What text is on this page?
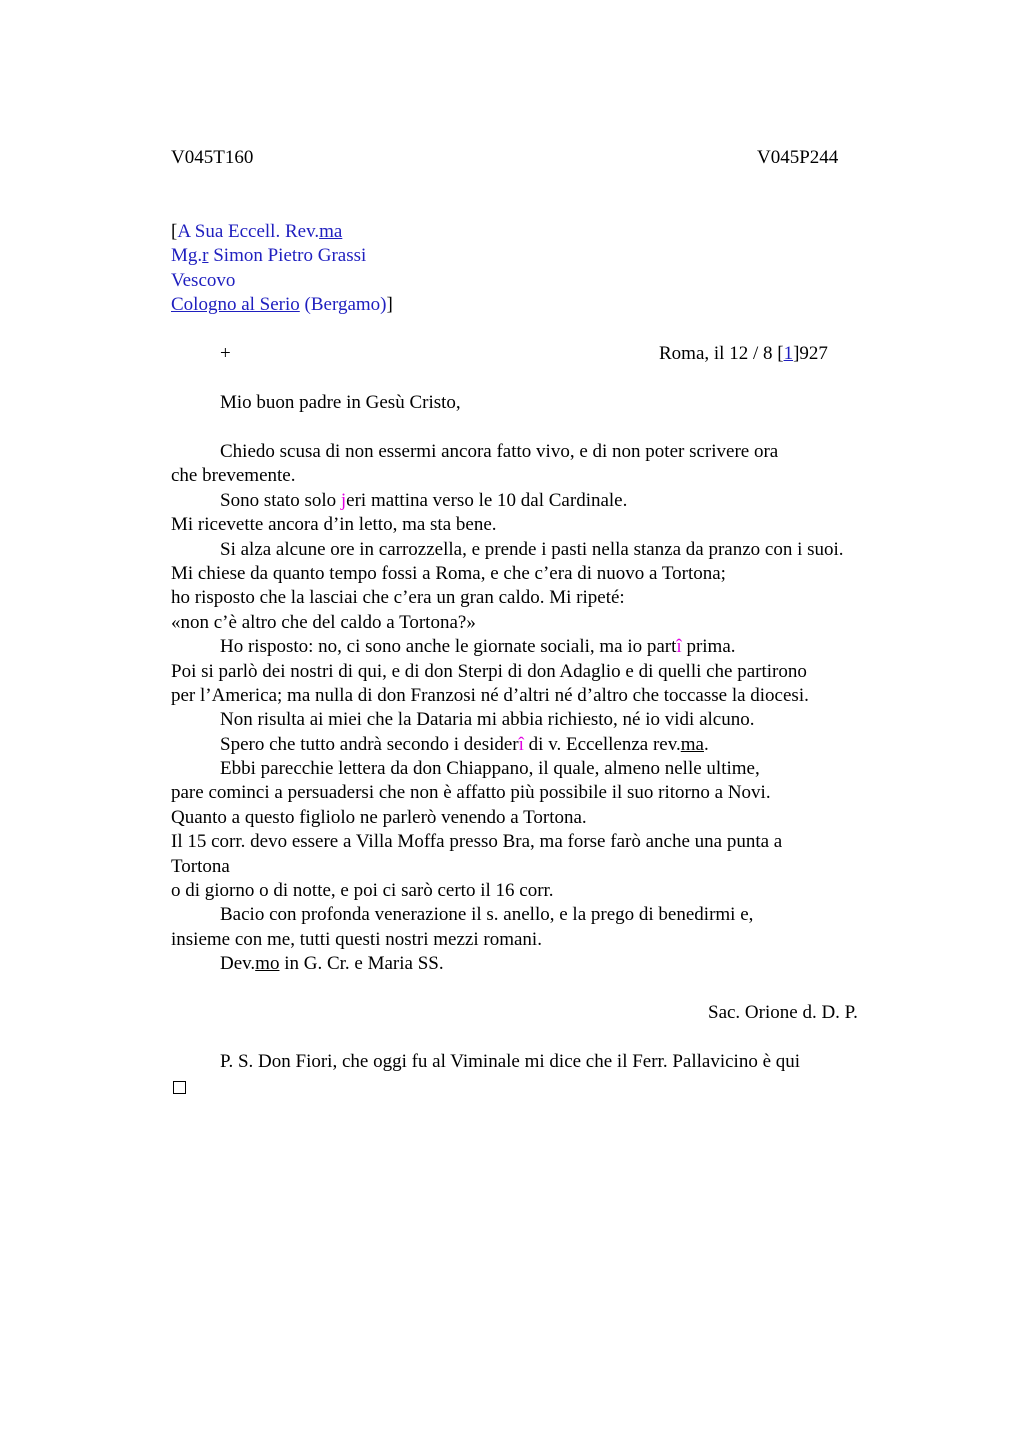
V045T160	V045P244
[A Sua Eccell. Rev.ma
Mg.r Simon Pietro Grassi
Vescovo
Cologno al Serio (Bergamo)]
+	Roma, il 12 / 8 [1]927
Mio buon padre in Gesù Cristo,
Chiedo scusa di non essermi ancora fatto vivo, e di non poter scrivere ora
che brevemente.
Sono stato solo jeri mattina verso le 10 dal Cardinale.
Mi ricevette ancora d’in letto, ma sta bene.
Si alza alcune ore in carrozzella, e prende i pasti nella stanza da pranzo con i suoi.
Mi chiese da quanto tempo fossi a Roma, e che c’era di nuovo a Tortona;
ho risposto che la lasciai che c’era un gran caldo. Mi ripeté:
«non c’è altro che del caldo a Tortona?»
Ho risposto: no, ci sono anche le giornate sociali, ma io partî prima.
Poi si parlò dei nostri di qui, e di don Sterpi di don Adaglio e di quelli che partirono
per l’America; ma nulla di don Franzosi né d’altri né d’altro che toccasse la diocesi.
Non risulta ai miei che la Dataria mi abbia richiesto, né io vidi alcuno.
Spero che tutto andrà secondo i desiderî di v. Eccellenza rev.ma.
Ebbi parecchie lettera da don Chiappano, il quale, almeno nelle ultime,
pare cominci a persuadersi che non è affatto più possibile il suo ritorno a Novi.
Quanto a questo figliolo ne parlerò venendo a Tortona.
Il 15 corr. devo essere a Villa Moffa presso Bra, ma forse farò anche una punta a
Tortona
o di giorno o di notte, e poi ci sarò certo il 16 corr.
Bacio con profonda venerazione il s. anello, e la prego di benedirmi e,
insieme con me, tutti questi nostri mezzi romani.
Dev.mo in G. Cr. e Maria SS.
Sac. Orione d. D. P.
P. S. Don Fiori, che oggi fu al Viminale mi dice che il Ferr. Pallavicino è qui
